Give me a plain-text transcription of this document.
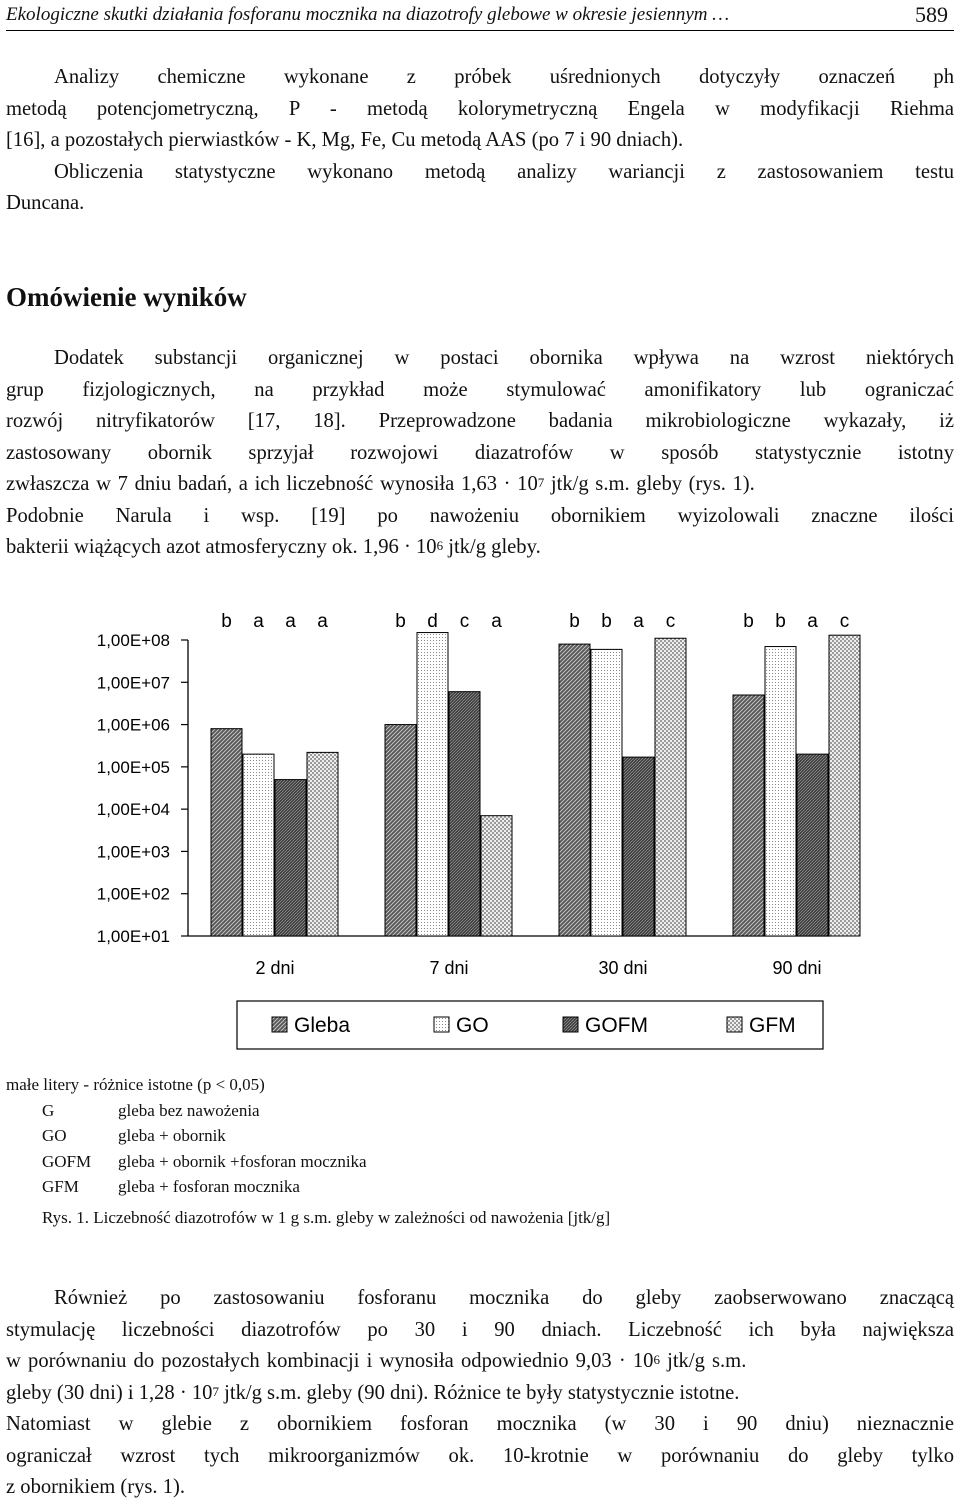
Ekologiczne skutki działania fosforanu mocznika na diazotrofy glebowe w okresie jesiennym …	589
Analizy chemiczne wykonane z próbek uśrednionych dotyczyły oznaczeń ph
metodą potencjometryczną, P - metodą kolorymetryczną Engela w modyfikacji Riehma
[16], a pozostałych pierwiastków - K, Mg, Fe, Cu metodą AAS (po 7 i 90 dniach).
Obliczenia statystyczne wykonano metodą analizy wariancji z zastosowaniem testu
Duncana.
Omówienie wyników
Dodatek substancji organicznej w postaci obornika wpływa na wzrost niektórych
grup fizjologicznych, na przykład może stymulować amonifikatory lub ograniczać
rozwój nitryfikatorów [17, 18]. Przeprowadzone badania mikrobiologiczne wykazały, iż
zastosowany obornik sprzyjał rozwojowi diazatrofów w sposób statystycznie istotny
zwłaszcza w 7 dniu badań, a ich liczebność wynosiła $1,63 \cdot 10^7$ jtk/g s.m. gleby (rys. 1).
Podobnie Narula i wsp. [19] po nawożeniu obornikiem wyizolowali znaczne ilości
bakterii wiążących azot atmosferyczny ok. $1,96 \cdot 10^6$ jtk/g gleby.
1,00E+01
1,00E+02
1,00E+03
1,00E+04
1,00E+05
1,00E+06
1,00E+07
1,00E+08
b a a a	b d c a	b b a c	b b a c
2 dni	7 dni	30 dni	90 dni
Gleba	GO	GOFM	GFM
małe litery - różnice istotne (p < 0,05)
G	gleba bez nawożenia
GO	gleba + obornik
GOFM gleba + obornik +fosforan mocznika
GFM gleba + fosforan mocznika
Rys. 1. Liczebność diazotrofów w 1 g s.m. gleby w zależności od nawożenia [jtk/g]
Również po zastosowaniu fosforanu mocznika do gleby zaobserwowano znaczącą
stymulację liczebności diazotrofów po 30 i 90 dniach. Liczebność ich była największa
w porównaniu do pozostałych kombinacji i wynosiła odpowiednio $9,03 \cdot 10^6$ jtk/g s.m.
gleby (30 dni) i $1,28 \cdot 10^7$ jtk/g s.m. gleby (90 dni). Różnice te były statystycznie istotne.
Natomiast w glebie z obornikiem fosforan mocznika (w 30 i 90 dniu) nieznacznie
ograniczał wzrost tych mikroorganizmów ok. 10-krotnie w porównaniu do gleby tylko
z obornikiem (rys. 1).
